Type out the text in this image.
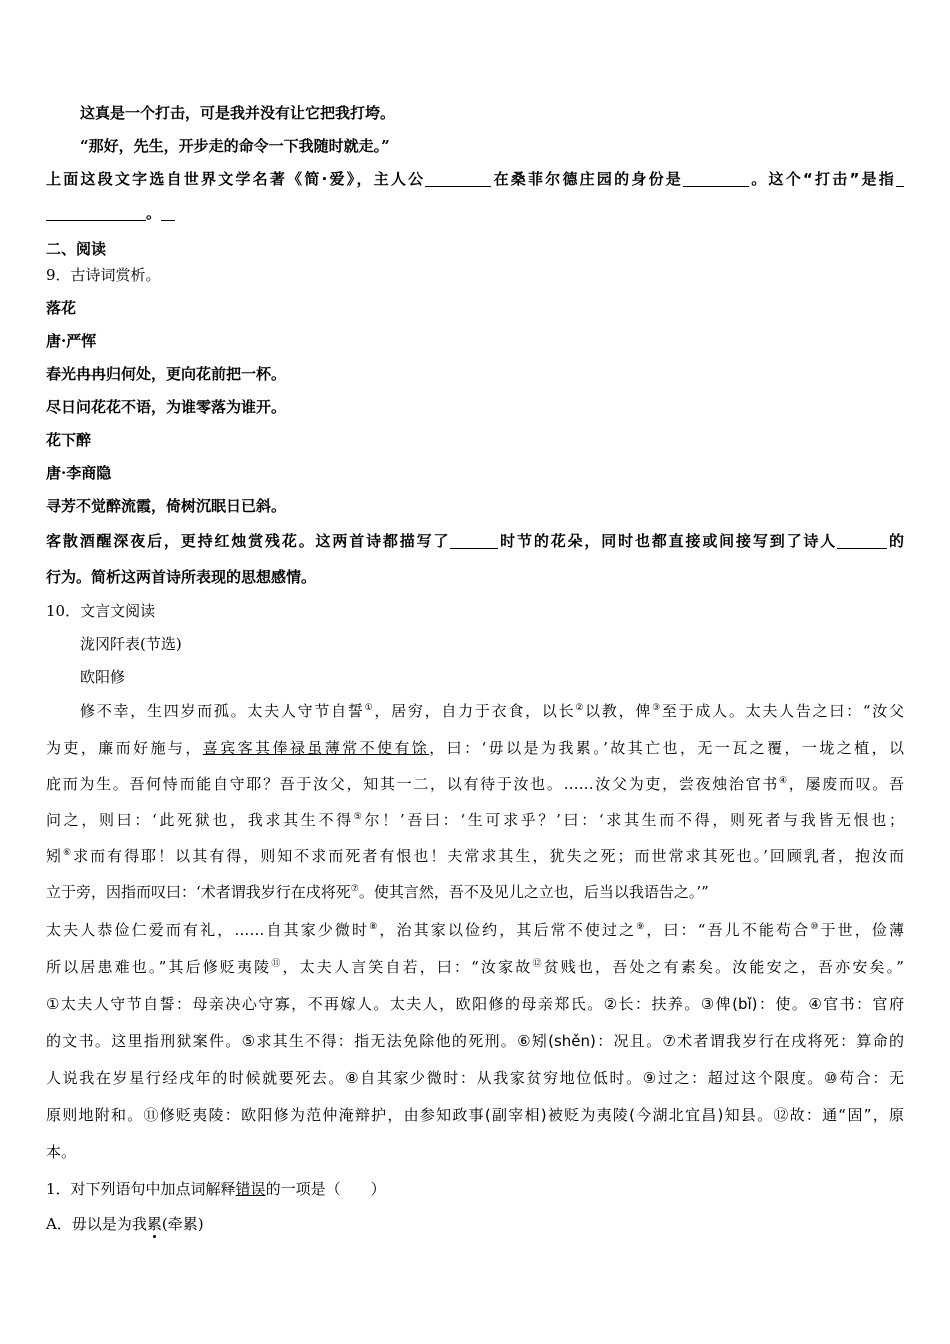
这真是一个打击，可是我并没有让它把我打垮。
“那好，先生，开步走的命令一下我随时就走。”
上面这段文字选自世界文学名著《简·爱》，主人公	在桑菲尔德庄园的身份是	。这个“打击”是指
。
二、阅读
9．古诗词赏析。
落花
唐·严恽
春光冉冉归何处，更向花前把一杯。
尽日问花花不语，为谁零落为谁开。
花下醉
唐·李商隐
寻芳不觉醉流霞，倚树沉眠日已斜。
客散酒醒深夜后，更持红烛赏残花。这两首诗都描写了	时节的花朵，同时也都直接或间接写到了诗人	的
行为。简析这两首诗所表现的思想感情。
10．文言文阅读
泷冈阡表(节选)
欧阳修
修不幸，生四岁而孤。太夫人守节自誓①，居穷，自力于衣食，以长②以教，俾③至于成人。太夫人告之曰：“汝父
为吏，廉而好施与，喜宾客其俸禄虽薄常不使有馀，曰：‘毋以是为我累。’故其亡也，无一瓦之覆，一垅之植，以
庇而为生。吾何恃而能自守耶？吾于汝父，知其一二，以有待于汝也。……汝父为吏，尝夜烛治官书④，屡废而叹。吾
问之，则曰：‘此死狱也，我求其生不得⑤尔！’吾曰：‘生可求乎？’曰：‘求其生而不得，则死者与我皆无恨也；
矧⑥求而有得耶！以其有得，则知不求而死者有恨也！夫常求其生，犹失之死；而世常求其死也。’回顾乳者，抱汝而
立于旁，因指而叹曰：‘术者谓我岁行在戌将死⑦。使其言然，吾不及见儿之立也，后当以我语告之。’”
太夫人恭俭仁爱而有礼，……自其家少微时⑧，治其家以俭约，其后常不使过之⑨，曰：“吾儿不能苟合⑩于世，俭薄
所以居患难也。”其后修贬夷陵⑪，太夫人言笑自若，曰：“汝家故⑫贫贱也，吾处之有素矣。汝能安之，吾亦安矣。”
①太夫人守节自誓：母亲决心守寡，不再嫁人。太夫人，欧阳修的母亲郑氏。②长：扶养。③俾(bǐ)：使。④官书：官府
的文书。这里指刑狱案件。⑤求其生不得：指无法免除他的死刑。⑥矧(shěn)：况且。⑦术者谓我岁行在戌将死：算命的
人说我在岁星行经戌年的时候就要死去。⑧自其家少微时：从我家贫穷地位低时。⑨过之：超过这个限度。⑩苟合：无
原则地附和。⑪修贬夷陵：欧阳修为范仲淹辩护，由参知政事(副宰相)被贬为夷陵(今湖北宜昌)知县。⑫故：通“固”，原
本。
1．对下列语句中加点词解释错误的一项是（　　）
A．毋以是为我累(牵累)
